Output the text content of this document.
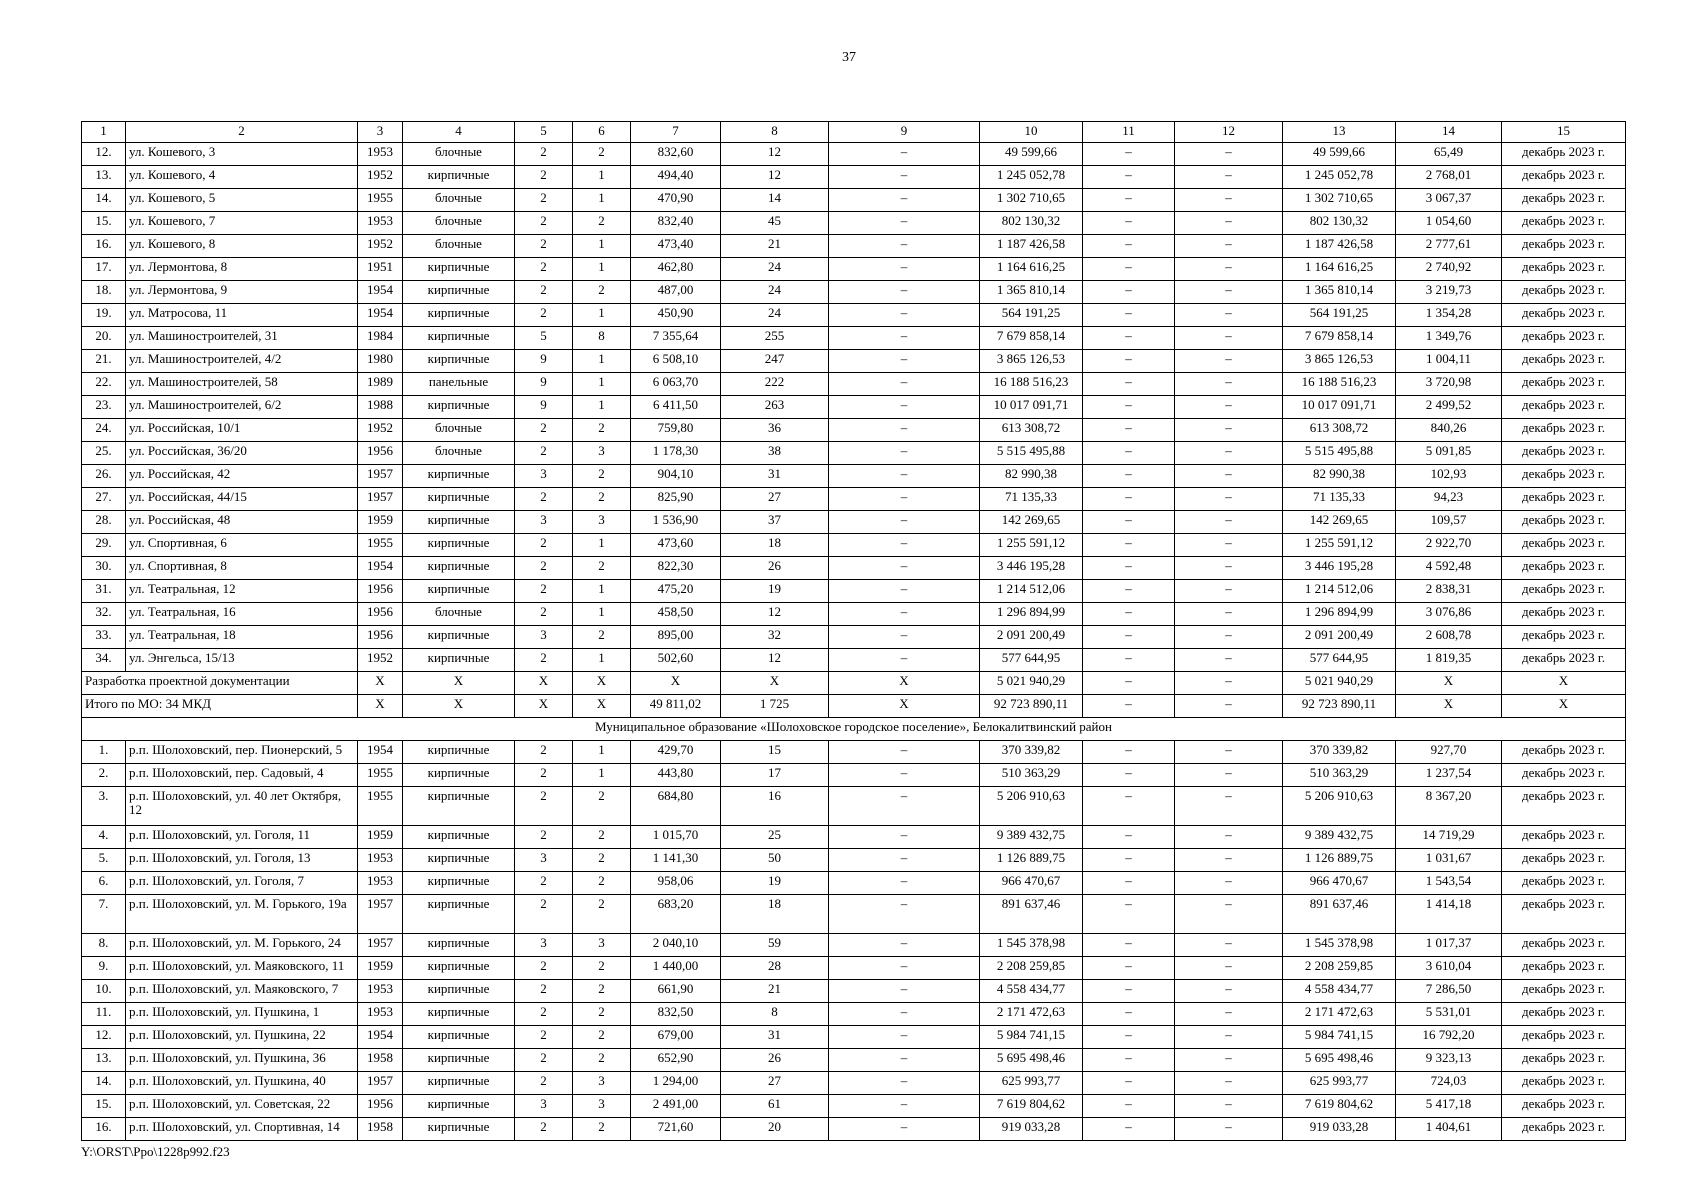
37
1	2	3	4	5	6	7	8	9	10	11	12	13	14	15
12.	ул. Кошевого, 3	1953	блочные	2	2	832,60	12	–	49 599,66	–	–	49 599,66	65,49	декабрь 2023 г.
13.	ул. Кошевого, 4	1952	кирпичные	2	1	494,40	12	–	1 245 052,78	–	–	1 245 052,78	2 768,01	декабрь 2023 г.
14.	ул. Кошевого, 5	1955	блочные	2	1	470,90	14	–	1 302 710,65	–	–	1 302 710,65	3 067,37	декабрь 2023 г.
15.	ул. Кошевого, 7	1953	блочные	2	2	832,40	45	–	802 130,32	–	–	802 130,32	1 054,60	декабрь 2023 г.
16.	ул. Кошевого, 8	1952	блочные	2	1	473,40	21	–	1 187 426,58	–	–	1 187 426,58	2 777,61	декабрь 2023 г.
17.	ул. Лермонтова, 8	1951	кирпичные	2	1	462,80	24	–	1 164 616,25	–	–	1 164 616,25	2 740,92	декабрь 2023 г.
18.	ул. Лермонтова, 9	1954	кирпичные	2	2	487,00	24	–	1 365 810,14	–	–	1 365 810,14	3 219,73	декабрь 2023 г.
19.	ул. Матросова, 11	1954	кирпичные	2	1	450,90	24	–	564 191,25	–	–	564 191,25	1 354,28	декабрь 2023 г.
20.	ул. Машиностроителей, 31	1984	кирпичные	5	8	7 355,64	255	–	7 679 858,14	–	–	7 679 858,14	1 349,76	декабрь 2023 г.
21.	ул. Машиностроителей, 4/2	1980	кирпичные	9	1	6 508,10	247	–	3 865 126,53	–	–	3 865 126,53	1 004,11	декабрь 2023 г.
22.	ул. Машиностроителей, 58	1989	панельные	9	1	6 063,70	222	–	16 188 516,23	–	–	16 188 516,23	3 720,98	декабрь 2023 г.
23.	ул. Машиностроителей, 6/2	1988	кирпичные	9	1	6 411,50	263	–	10 017 091,71	–	–	10 017 091,71	2 499,52	декабрь 2023 г.
24.	ул. Российская, 10/1	1952	блочные	2	2	759,80	36	–	613 308,72	–	–	613 308,72	840,26	декабрь 2023 г.
25.	ул. Российская, 36/20	1956	блочные	2	3	1 178,30	38	–	5 515 495,88	–	–	5 515 495,88	5 091,85	декабрь 2023 г.
26.	ул. Российская, 42	1957	кирпичные	3	2	904,10	31	–	82 990,38	–	–	82 990,38	102,93	декабрь 2023 г.
27.	ул. Российская, 44/15	1957	кирпичные	2	2	825,90	27	–	71 135,33	–	–	71 135,33	94,23	декабрь 2023 г.
28.	ул. Российская, 48	1959	кирпичные	3	3	1 536,90	37	–	142 269,65	–	–	142 269,65	109,57	декабрь 2023 г.
29.	ул. Спортивная, 6	1955	кирпичные	2	1	473,60	18	–	1 255 591,12	–	–	1 255 591,12	2 922,70	декабрь 2023 г.
30.	ул. Спортивная, 8	1954	кирпичные	2	2	822,30	26	–	3 446 195,28	–	–	3 446 195,28	4 592,48	декабрь 2023 г.
31.	ул. Театральная, 12	1956	кирпичные	2	1	475,20	19	–	1 214 512,06	–	–	1 214 512,06	2 838,31	декабрь 2023 г.
32.	ул. Театральная, 16	1956	блочные	2	1	458,50	12	–	1 296 894,99	–	–	1 296 894,99	3 076,86	декабрь 2023 г.
33.	ул. Театральная, 18	1956	кирпичные	3	2	895,00	32	–	2 091 200,49	–	–	2 091 200,49	2 608,78	декабрь 2023 г.
34.	ул. Энгельса, 15/13	1952	кирпичные	2	1	502,60	12	–	577 644,95	–	–	577 644,95	1 819,35	декабрь 2023 г.
Разработка проектной документации		X	X	X	X	X	X	X	5 021 940,29	–	–	5 021 940,29	X	X
Итого по МО: 34 МКД		X	X	X	X	49 811,02	1 725	X	92 723 890,11	–	–	92 723 890,11	X	X
Муниципальное образование «Шолоховское городское поселение», Белокалитвинский район														
1.	р.п. Шолоховский, пер. Пионерский, 5	1954	кирпичные	2	1	429,70	15	–	370 339,82	–	–	370 339,82	927,70	декабрь 2023 г.
2.	р.п. Шолоховский, пер. Садовый, 4	1955	кирпичные	2	1	443,80	17	–	510 363,29	–	–	510 363,29	1 237,54	декабрь 2023 г.
3.	р.п. Шолоховский, ул. 40 лет Октября, 12	1955	кирпичные	2	2	684,80	16	–	5 206 910,63	–	–	5 206 910,63	8 367,20	декабрь 2023 г.
4.	р.п. Шолоховский, ул. Гоголя, 11	1959	кирпичные	2	2	1 015,70	25	–	9 389 432,75	–	–	9 389 432,75	14 719,29	декабрь 2023 г.
5.	р.п. Шолоховский, ул. Гоголя, 13	1953	кирпичные	3	2	1 141,30	50	–	1 126 889,75	–	–	1 126 889,75	1 031,67	декабрь 2023 г.
6.	р.п. Шолоховский, ул. Гоголя, 7	1953	кирпичные	2	2	958,06	19	–	966 470,67	–	–	966 470,67	1 543,54	декабрь 2023 г.
7.	р.п. Шолоховский, ул. М. Горького, 19а	1957	кирпичные	2	2	683,20	18	–	891 637,46	–	–	891 637,46	1 414,18	декабрь 2023 г.
8.	р.п. Шолоховский, ул. М. Горького, 24	1957	кирпичные	3	3	2 040,10	59	–	1 545 378,98	–	–	1 545 378,98	1 017,37	декабрь 2023 г.
9.	р.п. Шолоховский, ул. Маяковского, 11	1959	кирпичные	2	2	1 440,00	28	–	2 208 259,85	–	–	2 208 259,85	3 610,04	декабрь 2023 г.
10.	р.п. Шолоховский, ул. Маяковского, 7	1953	кирпичные	2	2	661,90	21	–	4 558 434,77	–	–	4 558 434,77	7 286,50	декабрь 2023 г.
11.	р.п. Шолоховский, ул. Пушкина, 1	1953	кирпичные	2	2	832,50	8	–	2 171 472,63	–	–	2 171 472,63	5 531,01	декабрь 2023 г.
12.	р.п. Шолоховский, ул. Пушкина, 22	1954	кирпичные	2	2	679,00	31	–	5 984 741,15	–	–	5 984 741,15	16 792,20	декабрь 2023 г.
13.	р.п. Шолоховский, ул. Пушкина, 36	1958	кирпичные	2	2	652,90	26	–	5 695 498,46	–	–	5 695 498,46	9 323,13	декабрь 2023 г.
14.	р.п. Шолоховский, ул. Пушкина, 40	1957	кирпичные	2	3	1 294,00	27	–	625 993,77	–	–	625 993,77	724,03	декабрь 2023 г.
15.	р.п. Шолоховский, ул. Советская, 22	1956	кирпичные	3	3	2 491,00	61	–	7 619 804,62	–	–	7 619 804,62	5 417,18	декабрь 2023 г.
16.	р.п. Шолоховский, ул. Спортивная, 14	1958	кирпичные	2	2	721,60	20	–	919 033,28	–	–	919 033,28	1 404,61	декабрь 2023 г.
Y:\ORST\Ppo\1228p992.f23
